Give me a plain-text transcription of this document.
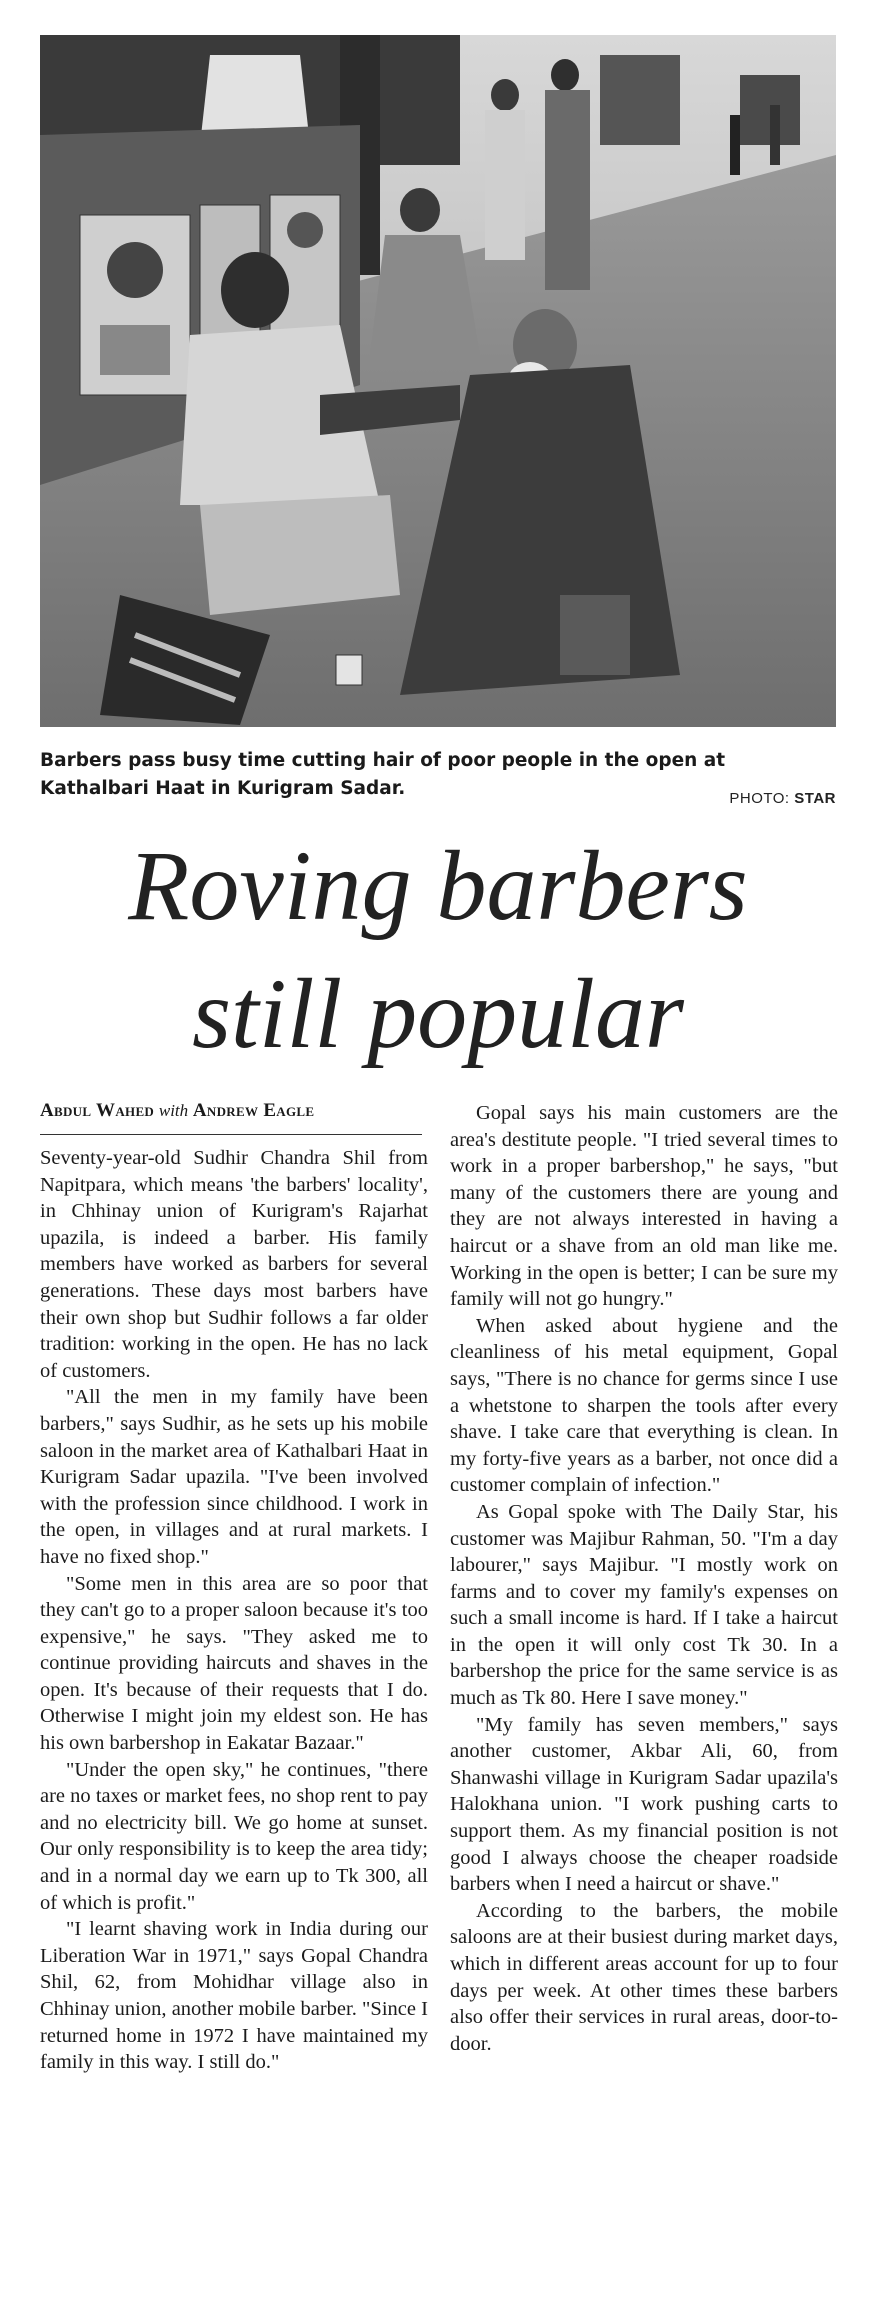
Barbers pass busy time cutting hair of poor people in the open at Kathalbari Haat in Kurigram Sadar.	PHOTO: STAR
Roving barbers
still popular
Abdul Wahed with Andrew Eagle

Seventy-year-old Sudhir Chandra Shil from Napitpara, which means 'the barbers' locality', in Chhinay union of Kurigram's Rajarhat upazila, is indeed a barber. His family members have worked as barbers for several generations. These days most barbers have their own shop but Sudhir follows a far older tradition: working in the open. He has no lack of customers.

"All the men in my family have been barbers," says Sudhir, as he sets up his mobile saloon in the market area of Kathalbari Haat in Kurigram Sadar upazila. "I've been involved with the profession since childhood. I work in the open, in villages and at rural markets. I have no fixed shop."

"Some men in this area are so poor that they can't go to a proper saloon because it's too expensive," he says. "They asked me to continue providing haircuts and shaves in the open. It's because of their requests that I do. Otherwise I might join my eldest son. He has his own barbershop in Eakatar Bazaar."

"Under the open sky," he continues, "there are no taxes or market fees, no shop rent to pay and no electricity bill. We go home at sunset. Our only responsibility is to keep the area tidy; and in a normal day we earn up to Tk 300, all of which is profit."

"I learnt shaving work in India during our Liberation War in 1971," says Gopal Chandra Shil, 62, from Mohidhar village also in Chhinay union, another mobile barber. "Since I returned home in 1972 I have maintained my family in this way. I still do."

Gopal says his main customers are the area's destitute people. "I tried several times to work in a proper barbershop," he says, "but many of the customers there are young and they are not always interested in having a haircut or a shave from an old man like me. Working in the open is better; I can be sure my family will not go hungry."

When asked about hygiene and the cleanliness of his metal equipment, Gopal says, "There is no chance for germs since I use a whetstone to sharpen the tools after every shave. I take care that everything is clean. In my forty-five years as a barber, not once did a customer complain of infection."

As Gopal spoke with The Daily Star, his customer was Majibur Rahman, 50. "I'm a day labourer," says Majibur. "I mostly work on farms and to cover my family's expenses on such a small income is hard. If I take a haircut in the open it will only cost Tk 30. In a barbershop the price for the same service is as much as Tk 80. Here I save money."

"My family has seven members," says another customer, Akbar Ali, 60, from Shanwashi village in Kurigram Sadar upazila's Halokhana union. "I work pushing carts to support them. As my financial position is not good I always choose the cheaper roadside barbers when I need a haircut or shave."

According to the barbers, the mobile saloons are at their busiest during market days, which in different areas account for up to four days per week. At other times these barbers also offer their services in rural areas, door-to-door.
